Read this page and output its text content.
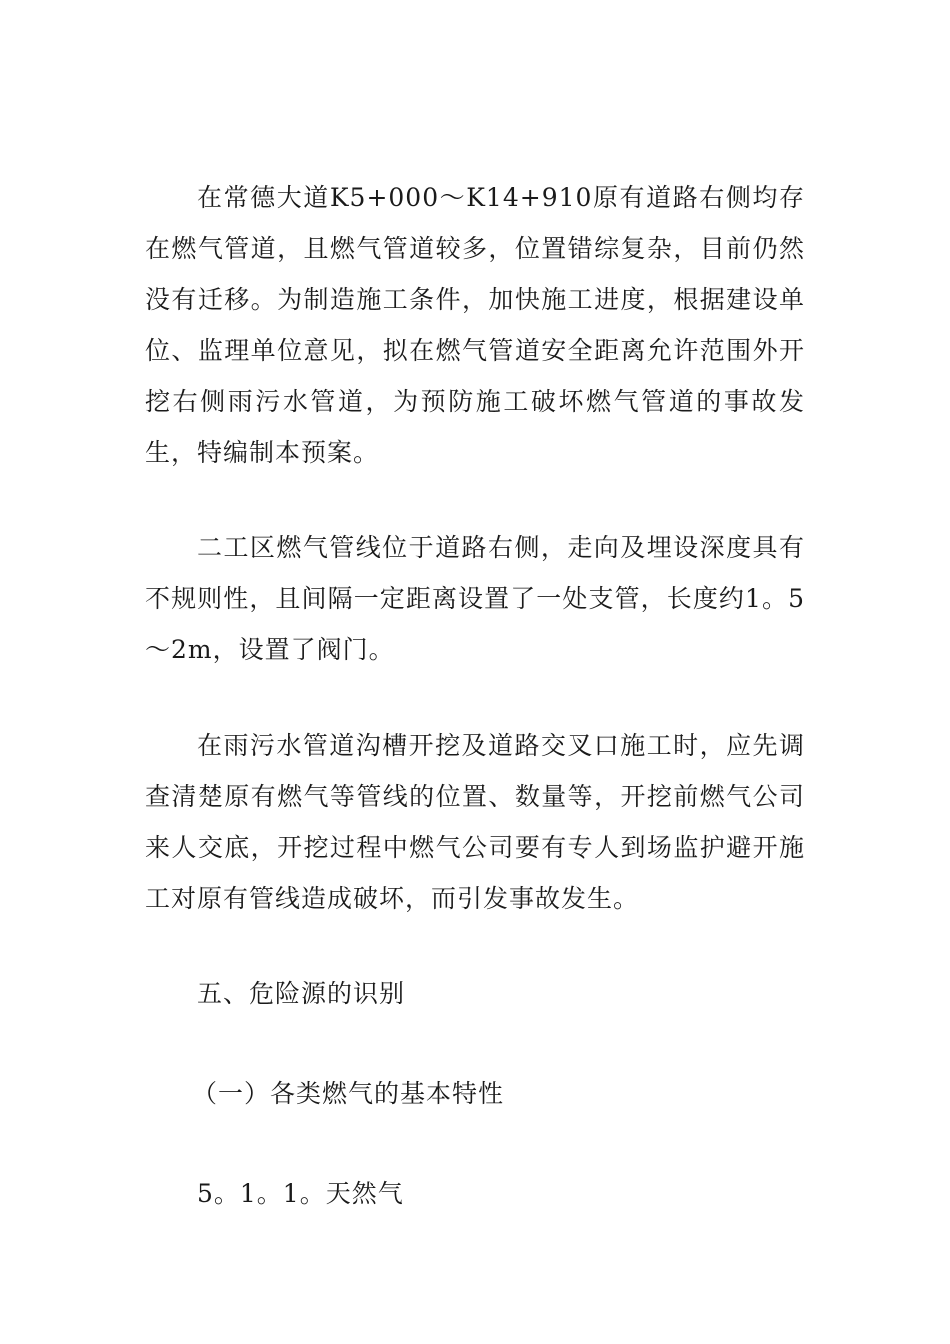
在常德大道K5+000～K14+910原有道路右侧均存在燃气管道，且燃气管道较多，位置错综复杂，目前仍然没有迁移。为制造施工条件，加快施工进度，根据建设单位、监理单位意见，拟在燃气管道安全距离允许范围外开挖右侧雨污水管道，为预防施工破坏燃气管道的事故发生，特编制本预案。

二工区燃气管线位于道路右侧，走向及埋设深度具有不规则性，且间隔一定距离设置了一处支管，长度约1。5～2m，设置了阀门。

在雨污水管道沟槽开挖及道路交叉口施工时，应先调查清楚原有燃气等管线的位置、数量等，开挖前燃气公司来人交底，开挖过程中燃气公司要有专人到场监护避开施工对原有管线造成破坏，而引发事故发生。

五、危险源的识别

（一）各类燃气的基本特性

5。1。1。天然气
